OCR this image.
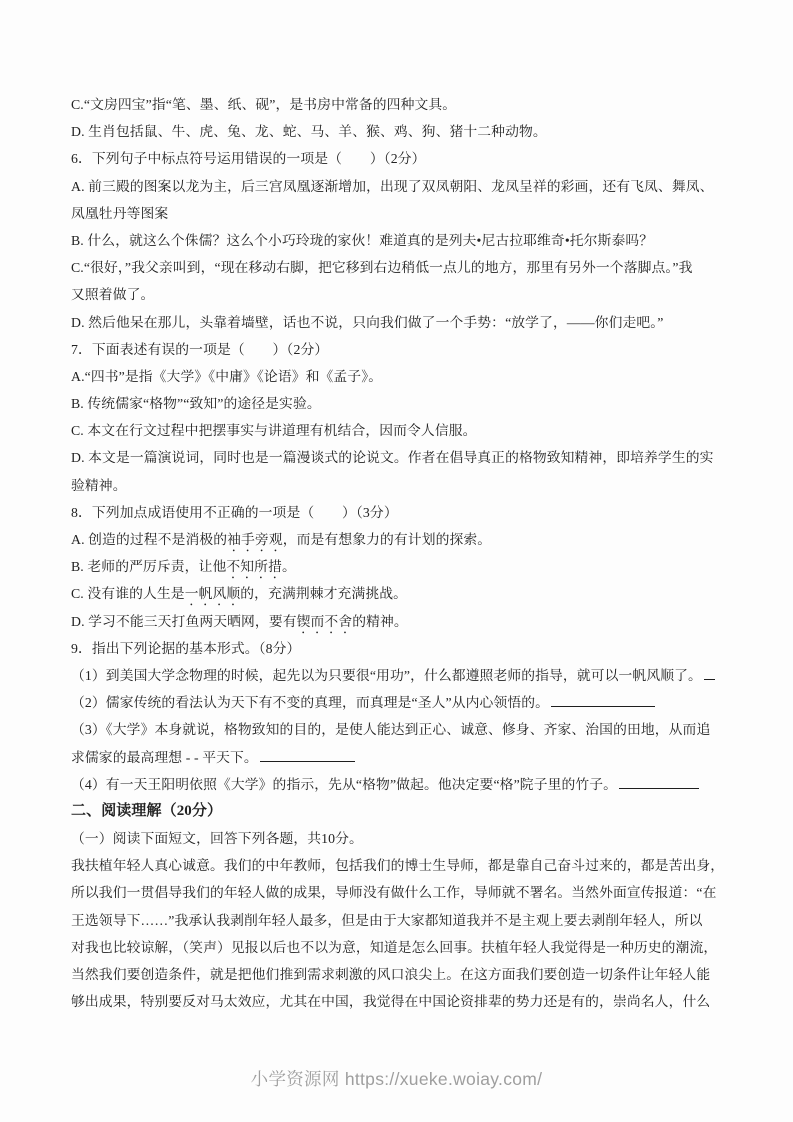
C.“文房四宝”指“笔、墨、纸、砚”，是书房中常备的四种文具。
D. 生肖包括鼠、牛、虎、兔、龙、蛇、马、羊、猴、鸡、狗、猪十二种动物。
6．下列句子中标点符号运用错误的一项是（　　）（2分）
A. 前三殿的图案以龙为主，后三宫凤凰逐渐增加，出现了双凤朝阳、龙凤呈祥的彩画，还有飞凤、舞凤、
凤凰牡丹等图案
B. 什么，就这么个侏儒？这么个小巧玲珑的家伙！难道真的是列夫•尼古拉耶维奇•托尔斯泰吗？
C.“很好，”我父亲叫到，“现在移动右脚，把它移到右边稍低一点儿的地方，那里有另外一个落脚点。”我
又照着做了。
D. 然后他呆在那儿，头靠着墙壁，话也不说，只向我们做了一个手势：“放学了，——你们走吧。”
7．下面表述有误的一项是（　　）（2分）
A.“四书”是指《大学》《中庸》《论语》和《孟子》。
B. 传统儒家“格物”“致知”的途径是实验。
C. 本文在行文过程中把摆事实与讲道理有机结合，因而令人信服。
D. 本文是一篇演说词，同时也是一篇漫谈式的论说文。作者在倡导真正的格物致知精神，即培养学生的实
验精神。
8．下列加点成语使用不正确的一项是（　　）（3分）
A. 创造的过程不是消极的袖手旁观，而是有想象力的有计划的探索。
B. 老师的严厉斥责，让他不知所措。
C. 没有谁的人生是一帆风顺的，充满荆棘才充满挑战。
D. 学习不能三天打鱼两天晒网，要有锲而不舍的精神。
9．指出下列论据的基本形式。（8分）
（1）到美国大学念物理的时候，起先以为只要很“用功”，什么都遵照老师的指导，就可以一帆风顺了。
（2）儒家传统的看法认为天下有不变的真理，而真理是“圣人”从内心领悟的。
（3）《大学》本身就说，格物致知的目的，是使人能达到正心、诚意、修身、齐家、治国的田地，从而追
求儒家的最高理想 - - 平天下。
（4）有一天王阳明依照《大学》的指示，先从“格物”做起。他决定要“格”院子里的竹子。
二、阅读理解（20分）
（一）阅读下面短文，回答下列各题，共10分。
我扶植年轻人真心诚意。我们的中年教师，包括我们的博士生导师，都是靠自己奋斗过来的，都是苦出身，
所以我们一贯倡导我们的年轻人做的成果，导师没有做什么工作，导师就不署名。当然外面宣传报道：“在
王选领导下……”我承认我剥削年轻人最多，但是由于大家都知道我并不是主观上要去剥削年轻人，所以
对我也比较谅解，（笑声）见报以后也不以为意，知道是怎么回事。扶植年轻人我觉得是一种历史的潮流，
当然我们要创造条件，就是把他们推到需求刺激的风口浪尖上。在这方面我们要创造一切条件让年轻人能
够出成果，特别要反对马太效应，尤其在中国，我觉得在中国论资排辈的势力还是有的，崇尚名人，什么
小学资源网 https://xueke.woiay.com/
